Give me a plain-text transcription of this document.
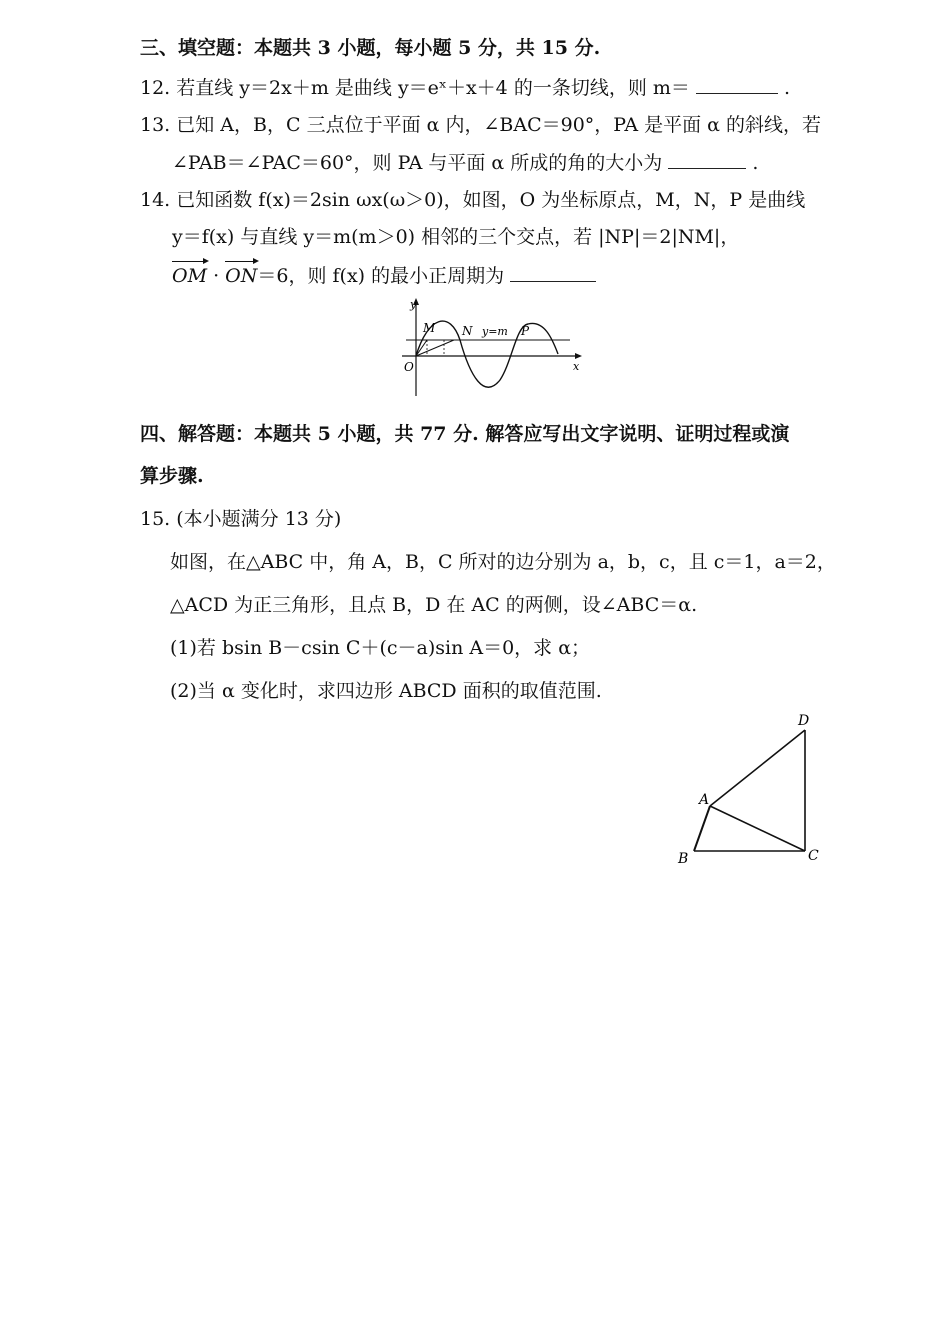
三、填空题：本题共 3 小题，每小题 5 分，共 15 分.
12. 若直线 y＝2x＋m 是曲线 y＝eˣ＋x＋4 的一条切线，则 m＝	.
13. 已知 A，B，C 三点位于平面 α 内，∠BAC＝90°，PA 是平面 α 的斜线，若
∠PAB＝∠PAC＝60°，则 PA 与平面 α 所成的角的大小为	.
14. 已知函数 f(x)＝2sin ωx(ω＞0)，如图，O 为坐标原点，M，N，P 是曲线
y＝f(x) 与直线 y＝m(m＞0) 相邻的三个交点，若 |NP|＝2|NM|，
OM · ON＝6，则 f(x) 的最小正周期为
y
x
O
M N y=m P
四、解答题：本题共 5 小题，共 77 分. 解答应写出文字说明、证明过程或演
算步骤.
15. (本小题满分 13 分)
如图，在△ABC 中，角 A，B，C 所对的边分别为 a，b，c，且 c＝1，a＝2，
△ACD 为正三角形，且点 B，D 在 AC 的两侧，设∠ABC＝α.
(1)若 bsin B－csin C＋(c－a)sin A＝0，求 α；
(2)当 α 变化时，求四边形 ABCD 面积的取值范围.
A
B	C
D
